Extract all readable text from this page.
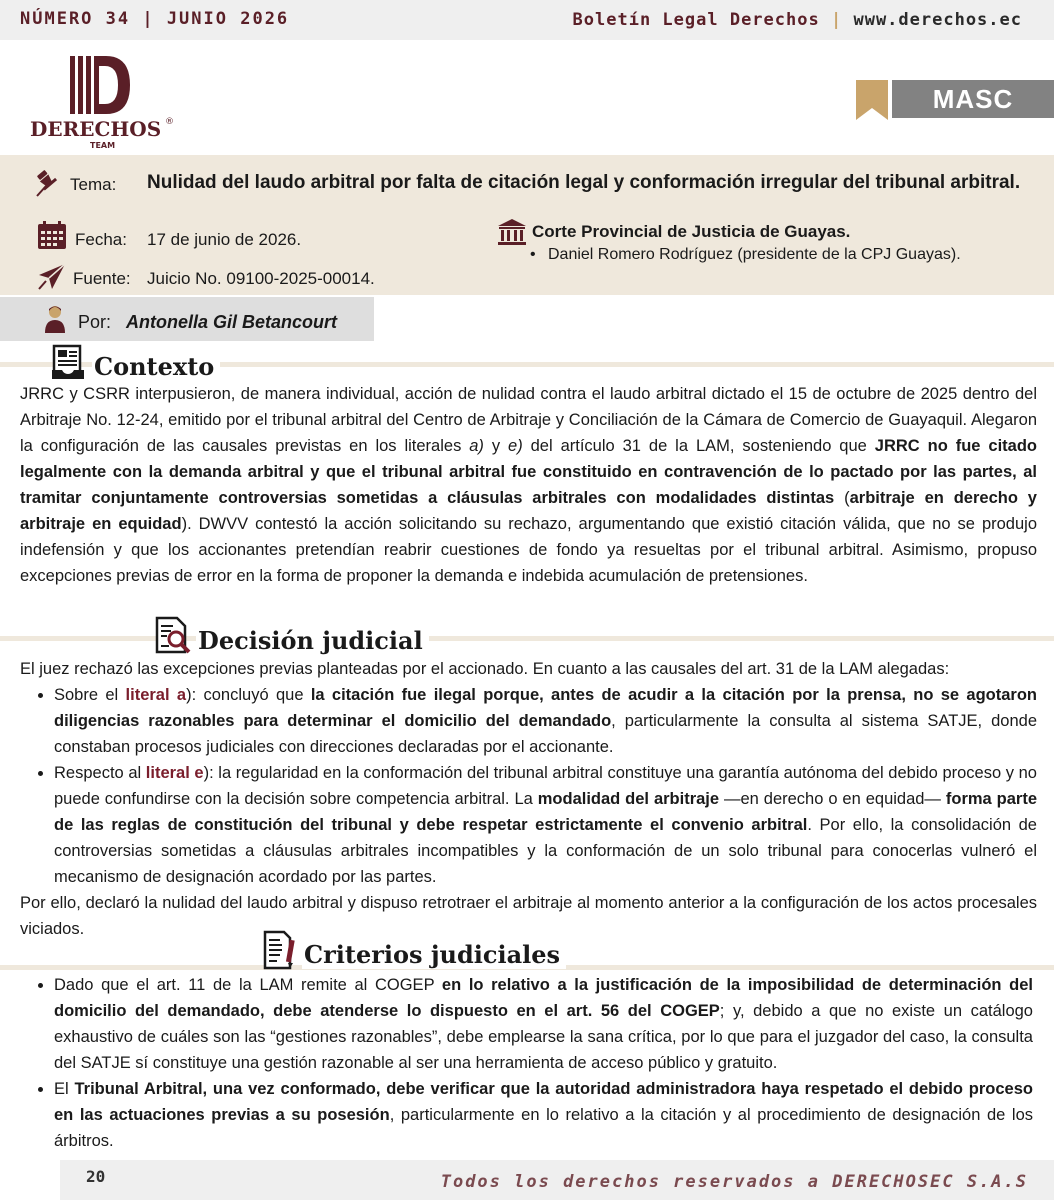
NÚMERO 34 | JUNIO 2026	Boletín Legal Derechos | www.derechos.ec
DERECHOS ®
TEAM
MASC
Tema: Nulidad del laudo arbitral por falta de citación legal y conformación irregular del tribunal arbitral.
Fecha: 17 de junio de 2026.
Fuente: Juicio No. 09100-2025-00014.
Corte Provincial de Justicia de Guayas.
• Daniel Romero Rodríguez (presidente de la CPJ Guayas).
Por: Antonella Gil Betancourt
Contexto
JRRC y CSRR interpusieron, de manera individual, acción de nulidad contra el laudo arbitral dictado el 15 de octubre de 2025 dentro del Arbitraje No. 12-24, emitido por el tribunal arbitral del Centro de Arbitraje y Conciliación de la Cámara de Comercio de Guayaquil. Alegaron la configuración de las causales previstas en los literales a) y e) del artículo 31 de la LAM, sosteniendo que JRRC no fue citado legalmente con la demanda arbitral y que el tribunal arbitral fue constituido en contravención de lo pactado por las partes, al tramitar conjuntamente controversias sometidas a cláusulas arbitrales con modalidades distintas (arbitraje en derecho y arbitraje en equidad). DWVV contestó la acción solicitando su rechazo, argumentando que existió citación válida, que no se produjo indefensión y que los accionantes pretendían reabrir cuestiones de fondo ya resueltas por el tribunal arbitral. Asimismo, propuso excepciones previas de error en la forma de proponer la demanda e indebida acumulación de pretensiones.
Decisión judicial
El juez rechazó las excepciones previas planteadas por el accionado. En cuanto a las causales del art. 31 de la LAM alegadas:
• Sobre el literal a): concluyó que la citación fue ilegal porque, antes de acudir a la citación por la prensa, no se agotaron diligencias razonables para determinar el domicilio del demandado, particularmente la consulta al sistema SATJE, donde constaban procesos judiciales con direcciones declaradas por el accionante.
• Respecto al literal e): la regularidad en la conformación del tribunal arbitral constituye una garantía autónoma del debido proceso y no puede confundirse con la decisión sobre competencia arbitral. La modalidad del arbitraje —en derecho o en equidad— forma parte de las reglas de constitución del tribunal y debe respetar estrictamente el convenio arbitral. Por ello, la consolidación de controversias sometidas a cláusulas arbitrales incompatibles y la conformación de un solo tribunal para conocerlas vulneró el mecanismo de designación acordado por las partes.
Por ello, declaró la nulidad del laudo arbitral y dispuso retrotraer el arbitraje al momento anterior a la configuración de los actos procesales viciados.
Criterios judiciales
• Dado que el art. 11 de la LAM remite al COGEP en lo relativo a la justificación de la imposibilidad de determinación del domicilio del demandado, debe atenderse lo dispuesto en el art. 56 del COGEP; y, debido a que no existe un catálogo exhaustivo de cuáles son las “gestiones razonables”, debe emplearse la sana crítica, por lo que para el juzgador del caso, la consulta del SATJE sí constituye una gestión razonable al ser una herramienta de acceso público y gratuito.
• El Tribunal Arbitral, una vez conformado, debe verificar que la autoridad administradora haya respetado el debido proceso en las actuaciones previas a su posesión, particularmente en lo relativo a la citación y al procedimiento de designación de los árbitros.
20	Todos los derechos reservados a DERECHOSEC S.A.S
